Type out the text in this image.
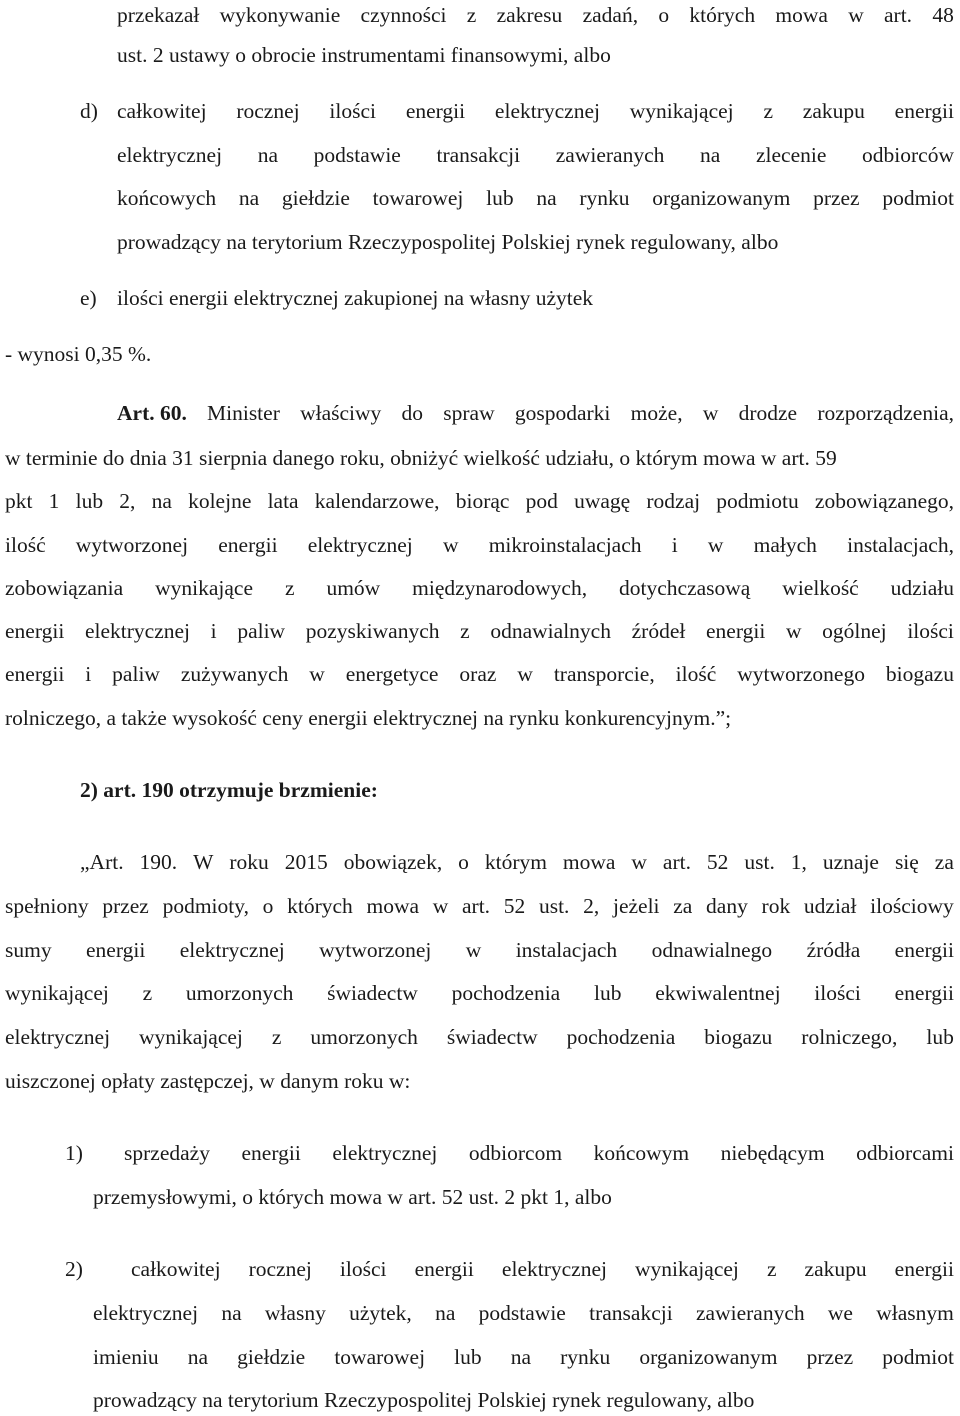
przekazał wykonywanie czynności z zakresu zadań, o których mowa w art. 48
ust. 2 ustawy o obrocie instrumentami finansowymi, albo
d) całkowitej rocznej ilości energii elektrycznej wynikającej z zakupu energii
elektrycznej na podstawie transakcji zawieranych na zlecenie odbiorców
końcowych na giełdzie towarowej lub na rynku organizowanym przez podmiot
prowadzący na terytorium Rzeczypospolitej Polskiej rynek regulowany, albo
e) ilości energii elektrycznej zakupionej na własny użytek
- wynosi 0,35 %.
Art. 60. Minister właściwy do spraw gospodarki może, w drodze rozporządzenia,
w terminie do dnia 31 sierpnia danego roku, obniżyć wielkość udziału, o którym mowa w art. 59
pkt 1 lub 2, na kolejne lata kalendarzowe, biorąc pod uwagę rodzaj podmiotu zobowiązanego,
ilość wytworzonej energii elektrycznej w mikroinstalacjach i w małych instalacjach,
zobowiązania wynikające z umów międzynarodowych, dotychczasową wielkość udziału
energii elektrycznej i paliw pozyskiwanych z odnawialnych źródeł energii w ogólnej ilości
energii i paliw zużywanych w energetyce oraz w transporcie, ilość wytworzonego biogazu
rolniczego, a także wysokość ceny energii elektrycznej na rynku konkurencyjnym.”;
2) art. 190 otrzymuje brzmienie:
„Art. 190. W roku 2015 obowiązek, o którym mowa w art. 52 ust. 1, uznaje się za
spełniony przez podmioty, o których mowa w art. 52 ust. 2, jeżeli za dany rok udział ilościowy
sumy energii elektrycznej wytworzonej w instalacjach odnawialnego źródła energii
wynikającej z umorzonych świadectw pochodzenia lub ekwiwalentnej ilości energii
elektrycznej wynikającej z umorzonych świadectw pochodzenia biogazu rolniczego, lub
uiszczonej opłaty zastępczej, w danym roku w:
1) sprzedaży energii elektrycznej odbiorcom końcowym niebędącym odbiorcami
przemysłowymi, o których mowa w art. 52 ust. 2 pkt 1, albo
2) całkowitej rocznej ilości energii elektrycznej wynikającej z zakupu energii
elektrycznej na własny użytek, na podstawie transakcji zawieranych we własnym
imieniu na giełdzie towarowej lub na rynku organizowanym przez podmiot
prowadzący na terytorium Rzeczypospolitej Polskiej rynek regulowany, albo
